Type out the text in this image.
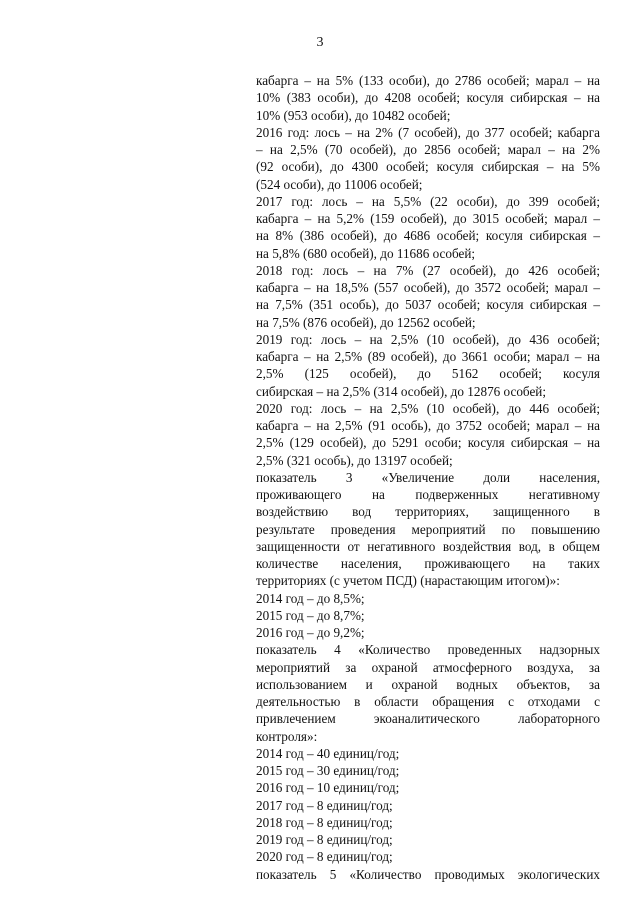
3
кабарга – на 5% (133 особи), до 2786 особей; марал – на
10% (383 особи), до 4208 особей; косуля сибирская – на
10% (953 особи), до 10482 особей;
2016 год: лось – на 2% (7 особей), до 377 особей; кабарга
– на 2,5% (70 особей), до 2856 особей; марал – на 2%
(92 особи), до 4300 особей; косуля сибирская – на 5%
(524 особи), до 11006 особей;
2017 год: лось – на 5,5% (22 особи), до 399 особей;
кабарга – на 5,2% (159 особей), до 3015 особей; марал –
на 8% (386 особей), до 4686 особей; косуля сибирская –
на 5,8% (680 особей), до 11686 особей;
2018 год: лось – на 7% (27 особей), до 426 особей;
кабарга – на 18,5% (557 особей), до 3572 особей; марал –
на 7,5% (351 особь), до 5037 особей; косуля сибирская –
на 7,5% (876 особей), до 12562 особей;
2019 год: лось – на 2,5% (10 особей), до 436 особей;
кабарга – на 2,5% (89 особей), до 3661 особи; марал – на
2,5% (125 особей), до 5162 особей; косуля
сибирская – на 2,5% (314 особей), до 12876 особей;
2020 год: лось – на 2,5% (10 особей), до 446 особей;
кабарга – на 2,5% (91 особь), до 3752 особей; марал – на
2,5% (129 особей), до 5291 особи; косуля сибирская – на
2,5% (321 особь), до 13197 особей;
показатель 3 «Увеличение доли населения,
проживающего на подверженных негативному
воздействию вод территориях, защищенного в
результате проведения мероприятий по повышению
защищенности от негативного воздействия вод, в общем
количестве населения, проживающего на таких
территориях (с учетом ПСД) (нарастающим итогом)»:
2014 год – до 8,5%;
2015 год – до 8,7%;
2016 год – до 9,2%;
показатель 4 «Количество проведенных надзорных
мероприятий за охраной атмосферного воздуха, за
использованием и охраной водных объектов, за
деятельностью в области обращения с отходами с
привлечением экоаналитического лабораторного
контроля»:
2014 год – 40 единиц/год;
2015 год – 30 единиц/год;
2016 год – 10 единиц/год;
2017 год – 8 единиц/год;
2018 год – 8 единиц/год;
2019 год – 8 единиц/год;
2020 год – 8 единиц/год;
показатель 5 «Количество проводимых экологических
